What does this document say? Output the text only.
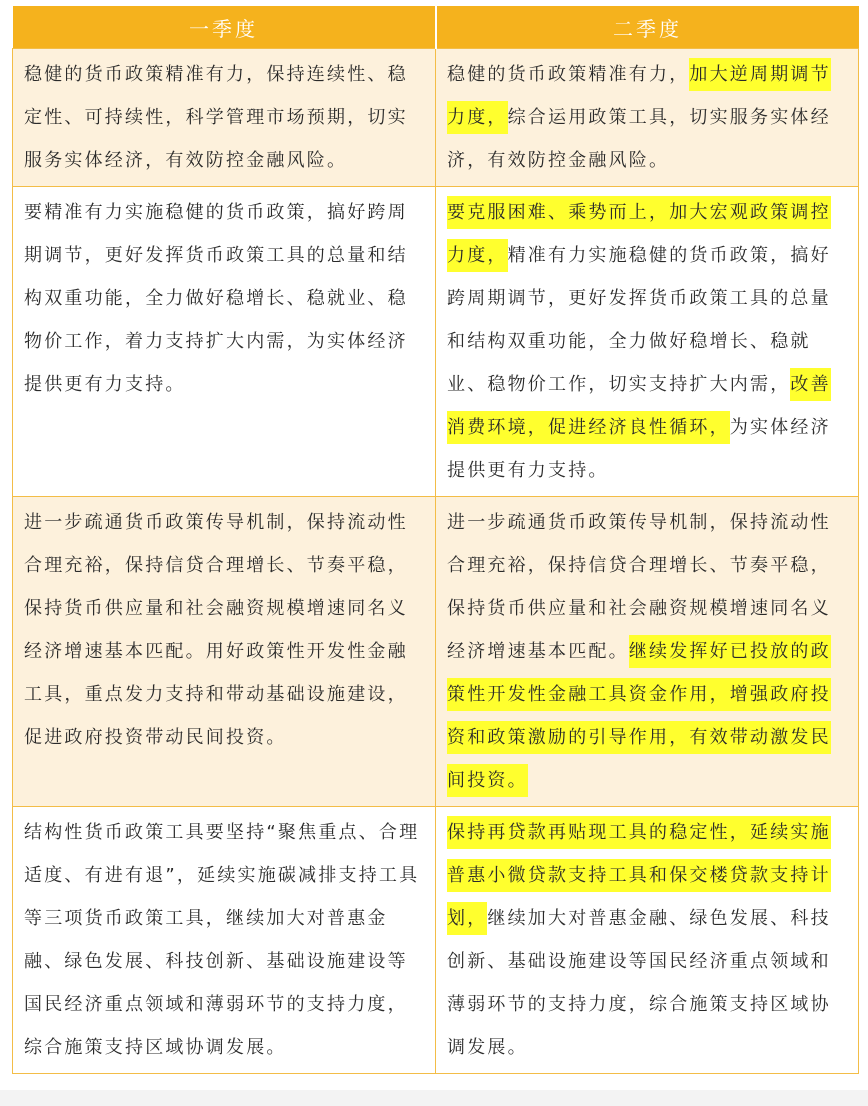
一季度	二季度
稳健的货币政策精准有力，保持连续性、稳定性、可持续性，科学管理市场预期，切实服务实体经济，有效防控金融风险。	稳健的货币政策精准有力，加大逆周期调节力度，综合运用政策工具，切实服务实体经济，有效防控金融风险。
要精准有力实施稳健的货币政策，搞好跨周期调节，更好发挥货币政策工具的总量和结构双重功能，全力做好稳增长、稳就业、稳物价工作，着力支持扩大内需，为实体经济提供更有力支持。	要克服困难、乘势而上，加大宏观政策调控力度，精准有力实施稳健的货币政策，搞好跨周期调节，更好发挥货币政策工具的总量和结构双重功能，全力做好稳增长、稳就业、稳物价工作，切实支持扩大内需，改善消费环境，促进经济良性循环，为实体经济提供更有力支持。
进一步疏通货币政策传导机制，保持流动性合理充裕，保持信贷合理增长、节奏平稳，保持货币供应量和社会融资规模增速同名义经济增速基本匹配。用好政策性开发性金融工具，重点发力支持和带动基础设施建设，促进政府投资带动民间投资。	进一步疏通货币政策传导机制，保持流动性合理充裕，保持信贷合理增长、节奏平稳，保持货币供应量和社会融资规模增速同名义经济增速基本匹配。继续发挥好已投放的政策性开发性金融工具资金作用，增强政府投资和政策激励的引导作用，有效带动激发民间投资。
结构性货币政策工具要坚持“聚焦重点、合理适度、有进有退”，延续实施碳减排支持工具等三项货币政策工具，继续加大对普惠金融、绿色发展、科技创新、基础设施建设等国民经济重点领域和薄弱环节的支持力度，综合施策支持区域协调发展。	保持再贷款再贴现工具的稳定性，延续实施普惠小微贷款支持工具和保交楼贷款支持计划，继续加大对普惠金融、绿色发展、科技创新、基础设施建设等国民经济重点领域和薄弱环节的支持力度，综合施策支持区域协调发展。
